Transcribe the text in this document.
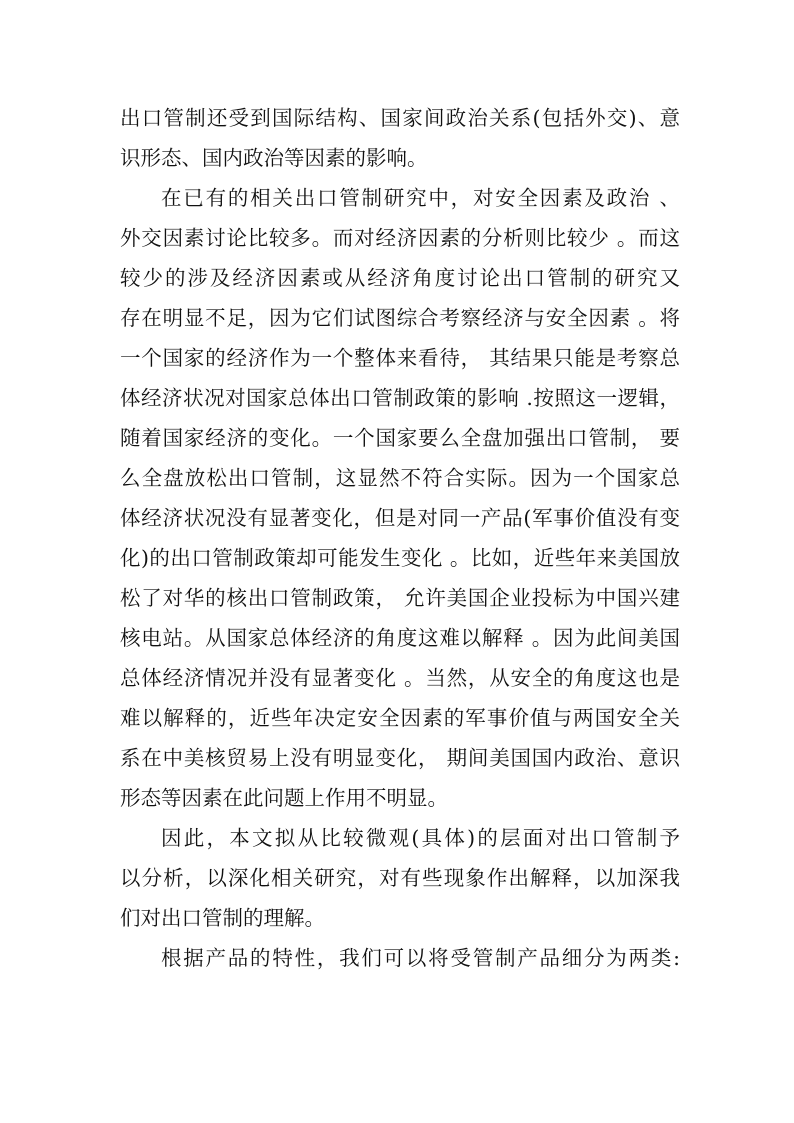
出口管制还受到国际结构、国家间政治关系(包括外交)、意
识形态、国内政治等因素的影响。
在已有的相关出口管制研究中，对安全因素及政治 、
外交因素讨论比较多。而对经济因素的分析则比较少 。而这
较少的涉及经济因素或从经济角度讨论出口管制的研究又
存在明显不足，因为它们试图综合考察经济与安全因素 。将
一个国家的经济作为一个整体来看待， 其结果只能是考察总
体经济状况对国家总体出口管制政策的影响 .按照这一逻辑，
随着国家经济的变化。一个国家要么全盘加强出口管制， 要
么全盘放松出口管制，这显然不符合实际。因为一个国家总
体经济状况没有显著变化，但是对同一产品(军事价值没有变
化)的出口管制政策却可能发生变化 。比如，近些年来美国放
松了对华的核出口管制政策， 允许美国企业投标为中国兴建
核电站。从国家总体经济的角度这难以解释 。因为此间美国
总体经济情况并没有显著变化 。当然，从安全的角度这也是
难以解释的，近些年决定安全因素的军事价值与两国安全关
系在中美核贸易上没有明显变化， 期间美国国内政治、意识
形态等因素在此问题上作用不明显。
因此，本文拟从比较微观(具体)的层面对出口管制予
以分析，以深化相关研究，对有些现象作出解释，以加深我
们对出口管制的理解。
根据产品的特性，我们可以将受管制产品细分为两类:
